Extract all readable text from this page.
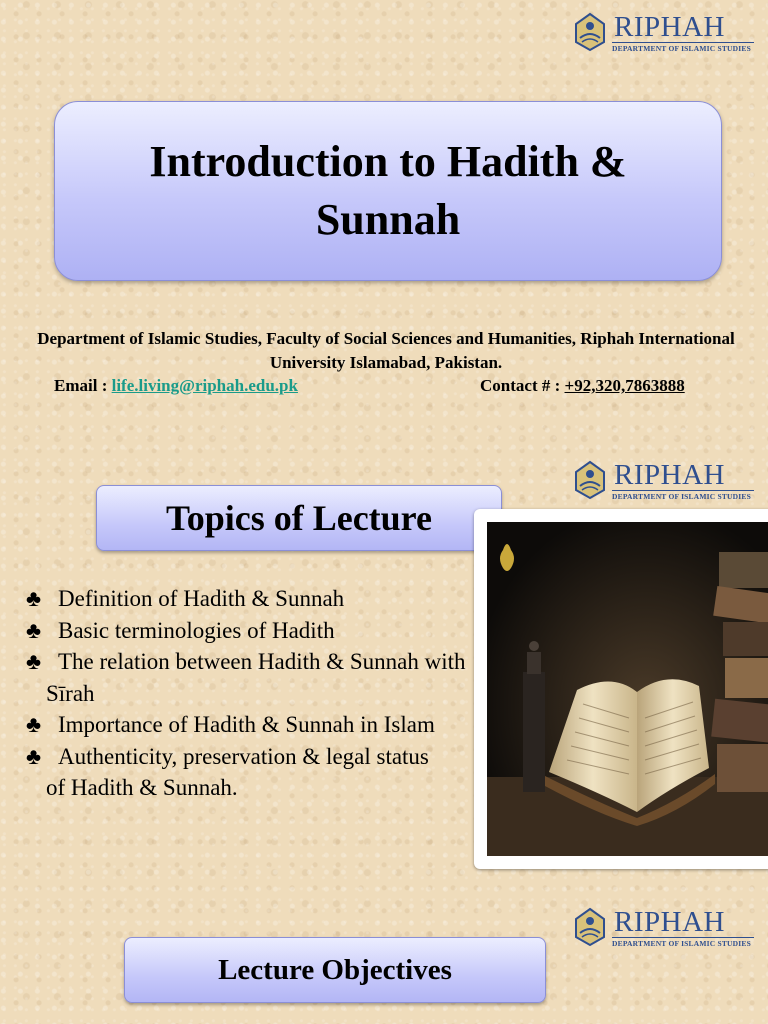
RIPHAH
DEPARTMENT OF ISLAMIC STUDIES
Introduction to Hadith & Sunnah
Department of Islamic Studies, Faculty of Social Sciences and Humanities, Riphah International University Islamabad, Pakistan.
Email : life.living@riphah.edu.pk	Contact # : +92,320,7863888
RIPHAH
DEPARTMENT OF ISLAMIC STUDIES
Topics of Lecture
♣ Definition of Hadith & Sunnah
♣ Basic terminologies of Hadith
♣ The relation between Hadith & Sunnah with
Sīrah
♣ Importance of Hadith & Sunnah in Islam
♣ Authenticity, preservation & legal status
of Hadith & Sunnah.
RIPHAH
DEPARTMENT OF ISLAMIC STUDIES
Lecture Objectives
